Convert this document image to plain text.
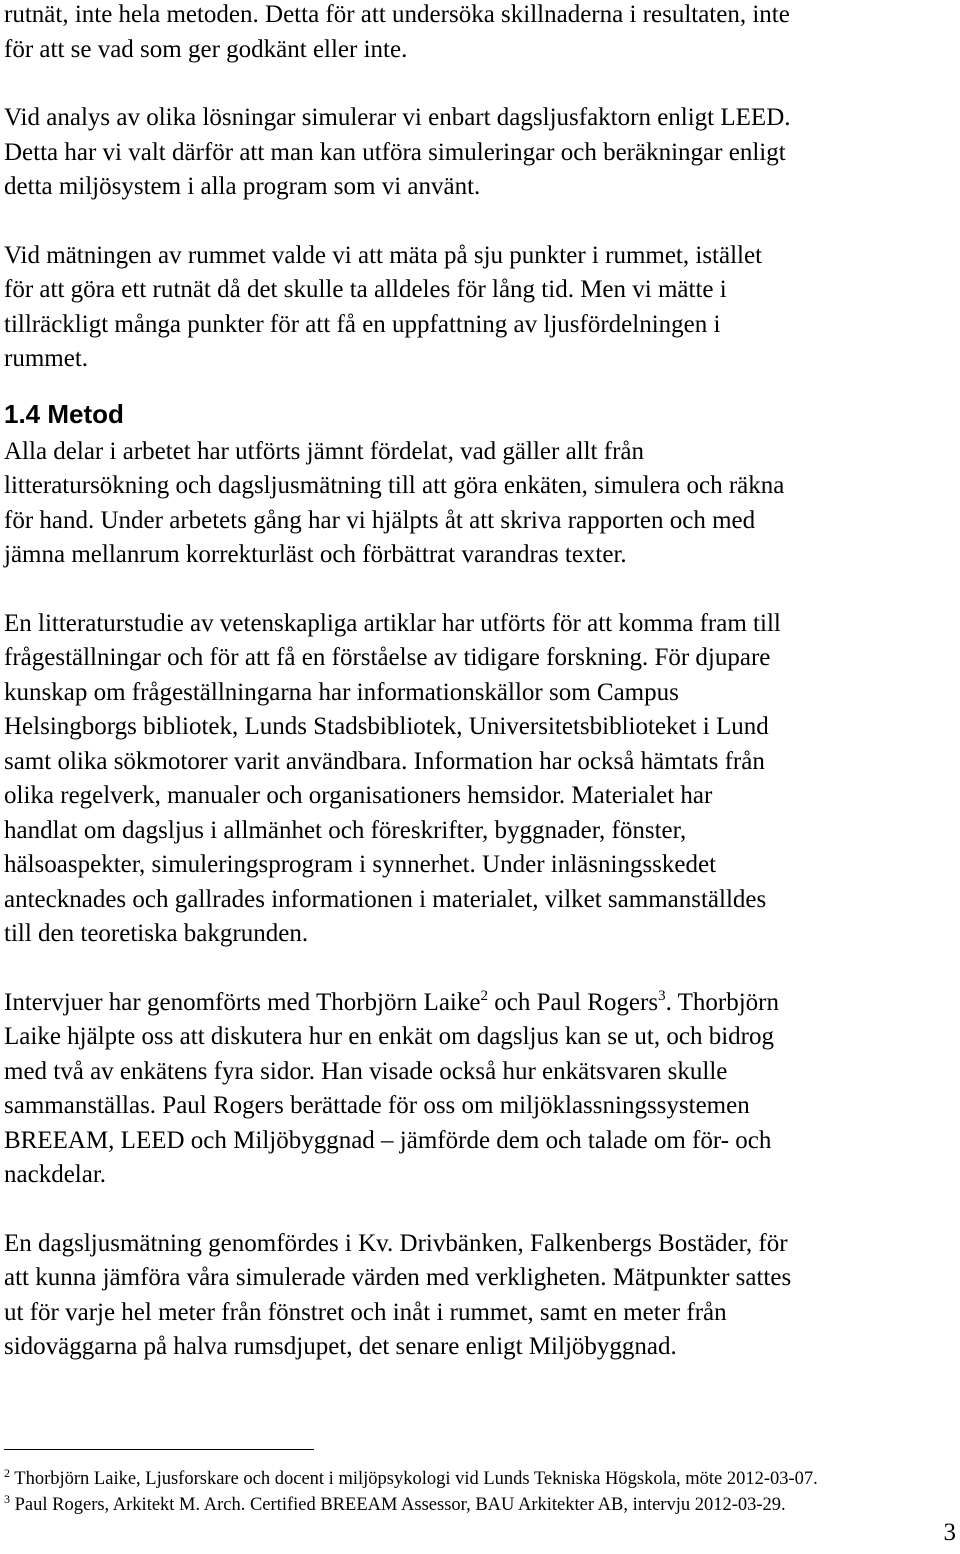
rutnät, inte hela metoden. Detta för att undersöka skillnaderna i resultaten, inte
för att se vad som ger godkänt eller inte.

Vid analys av olika lösningar simulerar vi enbart dagsljusfaktorn enligt LEED.
Detta har vi valt därför att man kan utföra simuleringar och beräkningar enligt
detta miljösystem i alla program som vi använt.

Vid mätningen av rummet valde vi att mäta på sju punkter i rummet, istället
för att göra ett rutnät då det skulle ta alldeles för lång tid. Men vi mätte i
tillräckligt många punkter för att få en uppfattning av ljusfördelningen i
rummet.

1.4 Metod

Alla delar i arbetet har utförts jämnt fördelat, vad gäller allt från
litteratursökning och dagsljusmätning till att göra enkäten, simulera och räkna
för hand. Under arbetets gång har vi hjälpts åt att skriva rapporten och med
jämna mellanrum korrekturläst och förbättrat varandras texter.

En litteraturstudie av vetenskapliga artiklar har utförts för att komma fram till
frågeställningar och för att få en förståelse av tidigare forskning. För djupare
kunskap om frågeställningarna har informationskällor som Campus
Helsingborgs bibliotek, Lunds Stadsbibliotek, Universitetsbiblioteket i Lund
samt olika sökmotorer varit användbara. Information har också hämtats från
olika regelverk, manualer och organisationers hemsidor. Materialet har
handlat om dagsljus i allmänhet och föreskrifter, byggnader, fönster,
hälsoaspekter, simuleringsprogram i synnerhet. Under inläsningsskedet
antecknades och gallrades informationen i materialet, vilket sammanställdes
till den teoretiska bakgrunden.

Intervjuer har genomförts med Thorbjörn Laike$^2$ och Paul Rogers$^3$. Thorbjörn
Laike hjälpte oss att diskutera hur en enkät om dagsljus kan se ut, och bidrog
med två av enkätens fyra sidor. Han visade också hur enkätsvaren skulle
sammanställas. Paul Rogers berättade för oss om miljöklassningssystemen
BREEAM, LEED och Miljöbyggnad – jämförde dem och talade om för- och
nackdelar.

En dagsljusmätning genomfördes i Kv. Drivbänken, Falkenbergs Bostäder, för
att kunna jämföra våra simulerade värden med verkligheten. Mätpunkter sattes
ut för varje hel meter från fönstret och inåt i rummet, samt en meter från
sidoväggarna på halva rumsdjupet, det senare enligt Miljöbyggnad.

$^2$ Thorbjörn Laike, Ljusforskare och docent i miljöpsykologi vid Lunds Tekniska Högskola, möte 2012-03-07.
$^3$ Paul Rogers, Arkitekt M. Arch. Certified BREEAM Assessor, BAU Arkitekter AB, intervju 2012-03-29.
3
